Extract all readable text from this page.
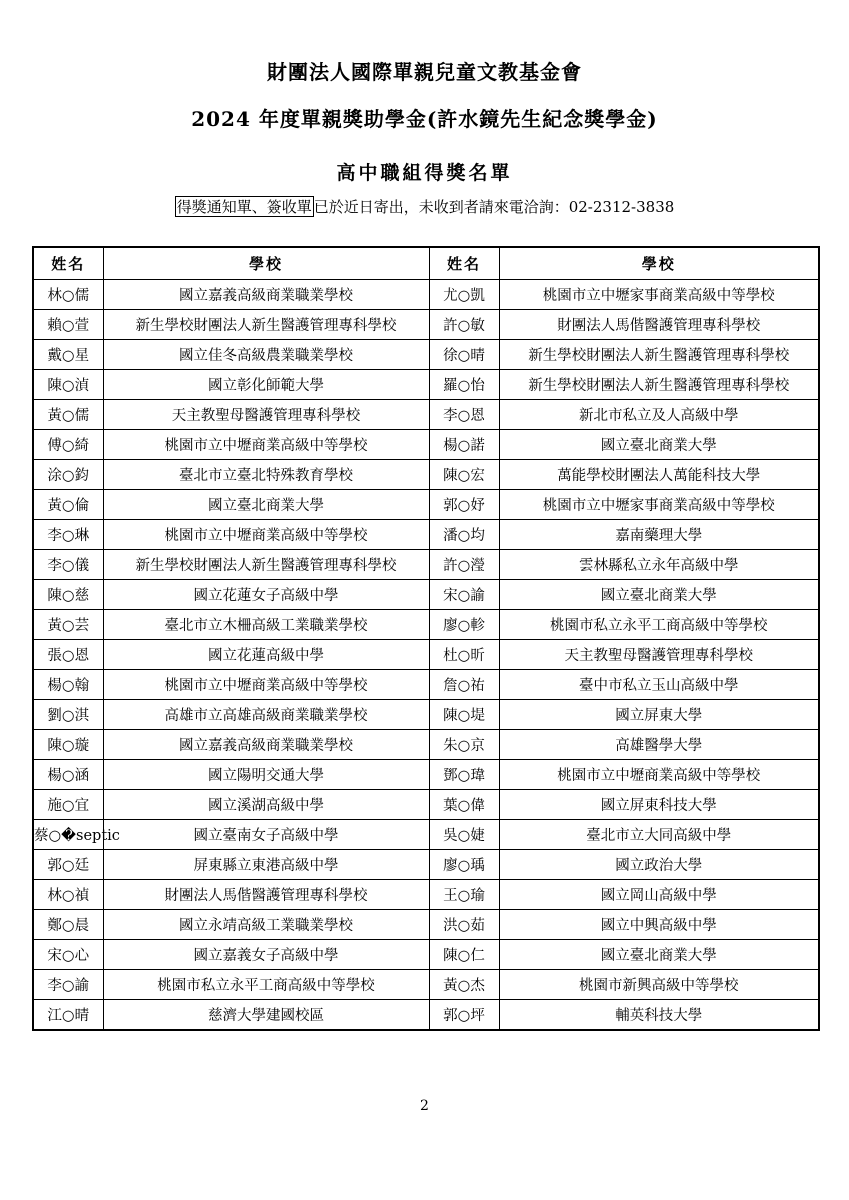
財團法人國際單親兒童文教基金會
2024 年度單親獎助學金(許水鏡先生紀念獎學金)
高中職組得獎名單
得獎通知單、簽收單 已於近日寄出，未收到者請來電洽詢：02-2312-3838
姓名	學校	姓名	學校
林○儒	國立嘉義高級商業職業學校	尤○凱	桃園市立中壢家事商業高級中等學校
賴○萱	新生學校財團法人新生醫護管理專科學校	許○敏	財團法人馬偕醫護管理專科學校
戴○星	國立佳冬高級農業職業學校	徐○晴	新生學校財團法人新生醫護管理專科學校
陳○湞	國立彰化師範大學	羅○怡	新生學校財團法人新生醫護管理專科學校
黃○儒	天主教聖母醫護管理專科學校	李○恩	新北市私立及人高級中學
傅○綺	桃園市立中壢商業高級中等學校	楊○諾	國立臺北商業大學
涂○鈞	臺北市立臺北特殊教育學校	陳○宏	萬能學校財團法人萬能科技大學
黃○倫	國立臺北商業大學	郭○妤	桃園市立中壢家事商業高級中等學校
李○琳	桃園市立中壢商業高級中等學校	潘○均	嘉南藥理大學
李○儀	新生學校財團法人新生醫護管理專科學校	許○瀅	雲林縣私立永年高級中學
陳○慈	國立花蓮女子高級中學	宋○諭	國立臺北商業大學
黃○芸	臺北市立木柵高級工業職業學校	廖○軫	桃園市私立永平工商高級中等學校
張○恩	國立花蓮高級中學	杜○昕	天主教聖母醫護管理專科學校
楊○翰	桃園市立中壢商業高級中等學校	詹○祐	臺中市私立玉山高級中學
劉○淇	高雄市立高雄高級商業職業學校	陳○堤	國立屏東大學
陳○璇	國立嘉義高級商業職業學校	朱○京	高雄醫學大學
楊○涵	國立陽明交通大學	鄧○瑋	桃園市立中壢商業高級中等學校
施○宜	國立溪湖高級中學	葉○偉	國立屏東科技大學
蔡○�septic	國立臺南女子高級中學	吳○婕	臺北市立大同高級中學
郭○廷	屏東縣立東港高級中學	廖○瑀	國立政治大學
林○禎	財團法人馬偕醫護管理專科學校	王○瑜	國立岡山高級中學
鄭○晨	國立永靖高級工業職業學校	洪○茹	國立中興高級中學
宋○心	國立嘉義女子高級中學	陳○仁	國立臺北商業大學
李○諭	桃園市私立永平工商高級中等學校	黃○杰	桃園市新興高級中等學校
江○晴	慈濟大學建國校區	郭○坪	輔英科技大學
2
